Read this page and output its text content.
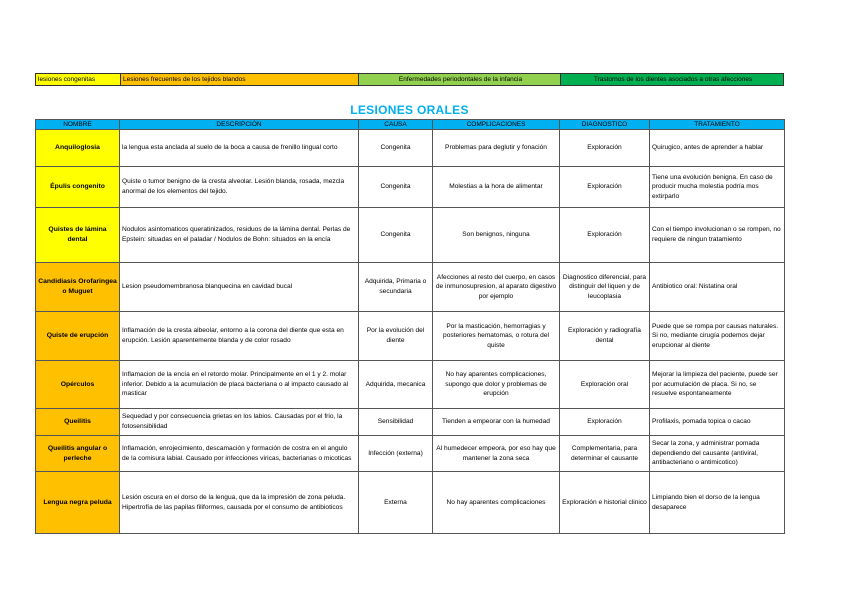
lesiones congenitas	Lesiones frecuentes de los tejidos blandos	Enfermedades periodontales de la infancia	Trastornos de los dientes asociados a otras afecciones
LESIONES ORALES
NOMBRE	DESCRIPCIÓN	CAUSA	COMPLICACIONES	DIAGNOSTICO	TRATAMIENTO
Anquiloglosia	la lengua esta anclada al suelo de la boca a causa de frenillo lingual corto	Congenita	Problemas para deglutir y fonación	Exploración	Quirugico, antes de aprender a hablar
Épulis congenito	Quiste o tumor benigno de la cresta alveolar. Lesión blanda, rosada, mezcla anormal de los elementos del tejido.	Congenita	Molestias a la hora de alimentar	Exploración	Tiene una evolución benigna. En caso de producir mucha molestia podría mos extirparlo
Quistes de lámina dental	Nodulos asintomaticos queratinizados, residuos de la lámina dental. Perlas de Epstein: situadas en el paladar / Nodulos de Bohn: situados en la encía	Congenita	Son benignos, ninguna	Exploración	Con el tiempo involucionan o se rompen, no requiere de ningun tratamiento
Candidiasis Orofaringea o Muguet	Lesion pseudomembranosa blanquecina en cavidad bucal	Adquirida, Primaria o secundaria	Afecciones al resto del cuerpo, en casos de inmunosupresion, al aparato digestivo por ejemplo	Diagnostico diferencial, para distinguir del liquen y de leucoplasia	Antibiotico oral: Nistatina oral
Quiste de erupción	Inflamación de la cresta albeolar, entorno a la corona del diente que esta en erupción. Lesión aparentemente blanda y de color rosado	Por la evolución del diente	Por la masticación, hemorragias y posteriores hematomas, o rotura del quiste	Exploración y radiografía dental	Puede que se rompa por causas naturales. Si no, mediante cirugía podemos dejar erupcionar al diente
Opérculos	Inflamacion de la encía en el retordo molar. Principalmente en el 1 y 2. molar inferior. Debido a la acumulación de placa bacteriana o al impacto causado al masticar	Adquirida, mecanica	No hay aparentes complicaciones, supongo que dolor y problemas de erupción	Exploración oral	Mejorar la limpieza del paciente, puede ser por acumulación de placa. Si no, se resuelve espontaneamente
Queilitis	Sequedad y por consecuencia grietas en los labios. Causadas por el frio, la fotosensibilidad	Sensibilidad	Tienden a empeorar con la humedad	Exploración	Profilaxis, pomada topica o cacao
Queilitis angular o perleche	Inflamación, enrojecimiento, descamación y formación de costra en el angulo de la comisura labial. Causado por infecciones viricas, bacterianas o micoticas	Infección (externa)	Al humedecer empeora, por eso hay que mantener la zona seca	Complementaria, para determinar el causante	Secar la zona, y administrar pomada dependiendo del causante (antiviral, antibacteriano o antimicotico)
Lengua negra peluda	Lesión oscura en el dorso de la lengua, que da la impresión de zona peluda. Hipertrofía de las papilas filiformes, causada por el consumo de antibioticos	Externa	No hay aparentes complicaciones	Exploración e historial clinico	Limpiando bien el dorso de la lengua desaparece
